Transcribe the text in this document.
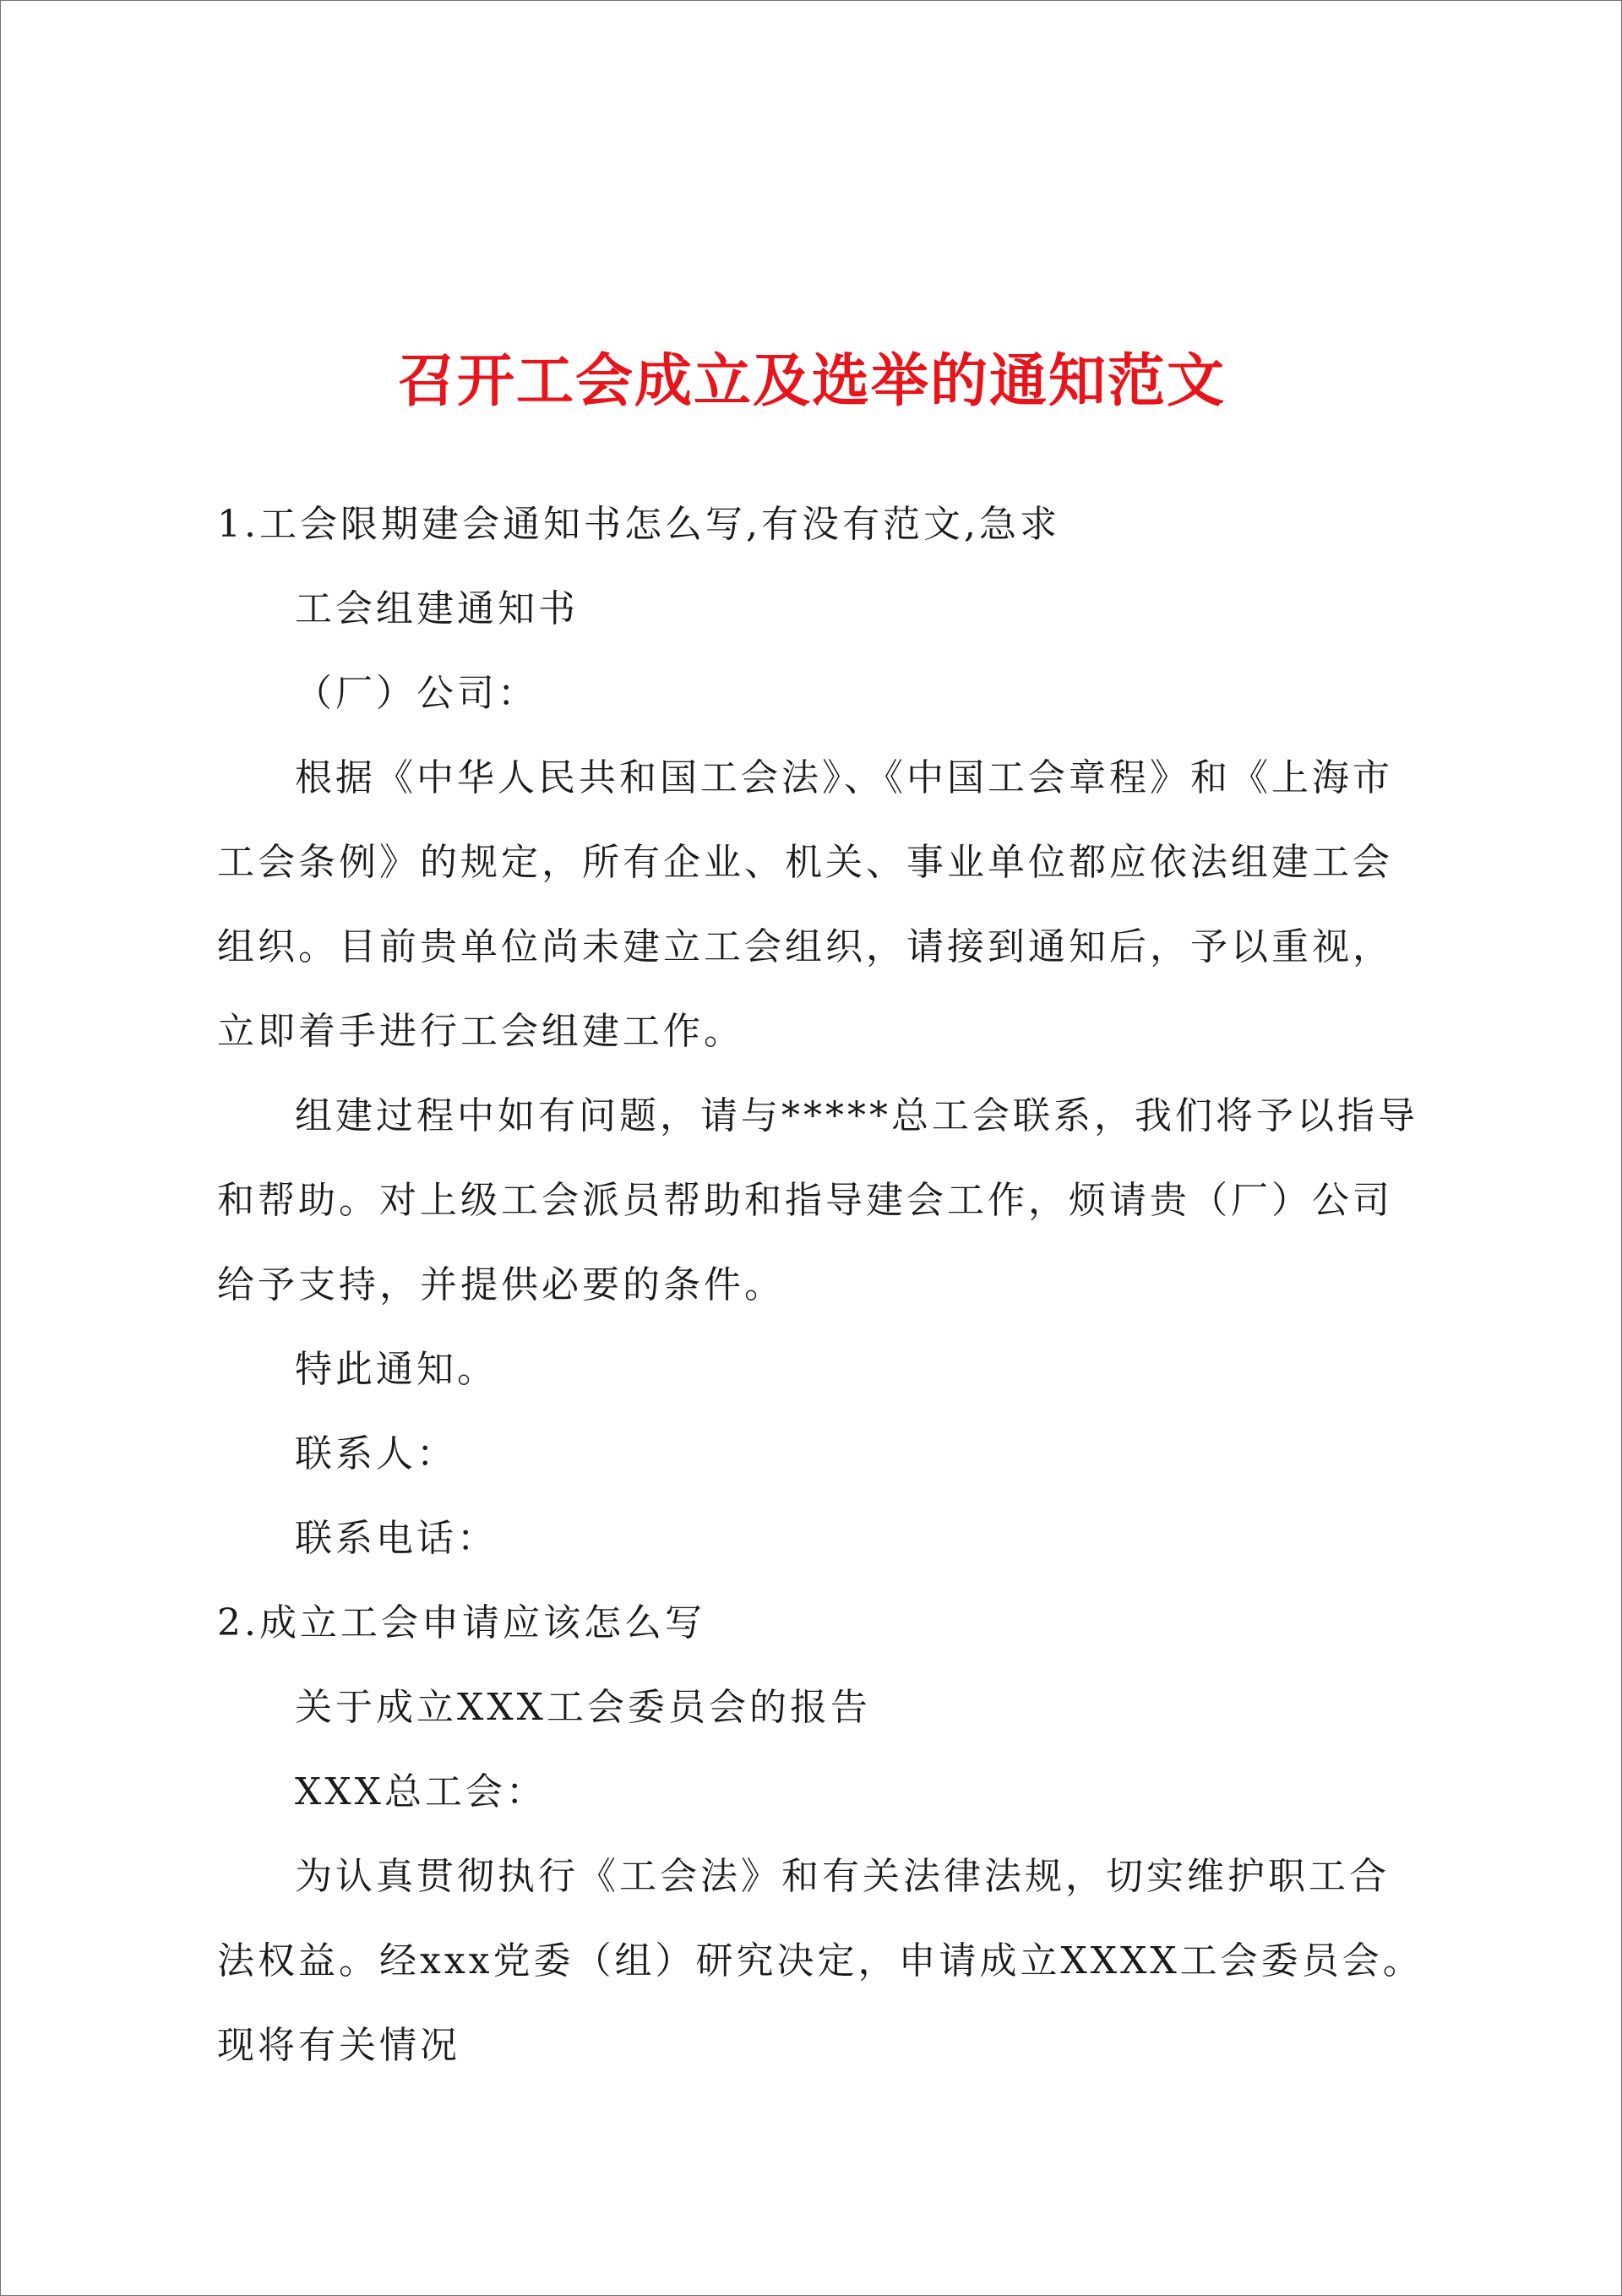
召开工会成立及选举的通知范文

1.工会限期建会通知书怎么写,有没有范文,急求

工会组建通知书

（厂）公司：

根据《中华人民共和国工会法》、《中国工会章程》和《上海市工会条例》的规定，所有企业、机关、事业单位都应依法组建工会组织。目前贵单位尚未建立工会组织，请接到通知后，予以重视，立即着手进行工会组建工作。

组建过程中如有问题，请与*****总工会联系，我们将予以指导和帮助。对上级工会派员帮助和指导建会工作，烦请贵（厂）公司给予支持，并提供必要的条件。

特此通知。

联系人：

联系电话：

2.成立工会申请应该怎么写

关于成立XXX工会委员会的报告

XXX总工会：

为认真贯彻执行《工会法》和有关法律法规，切实维护职工合法权益。经xxx党委（组）研究决定，申请成立XXXX工会委员会。现将有关情况
